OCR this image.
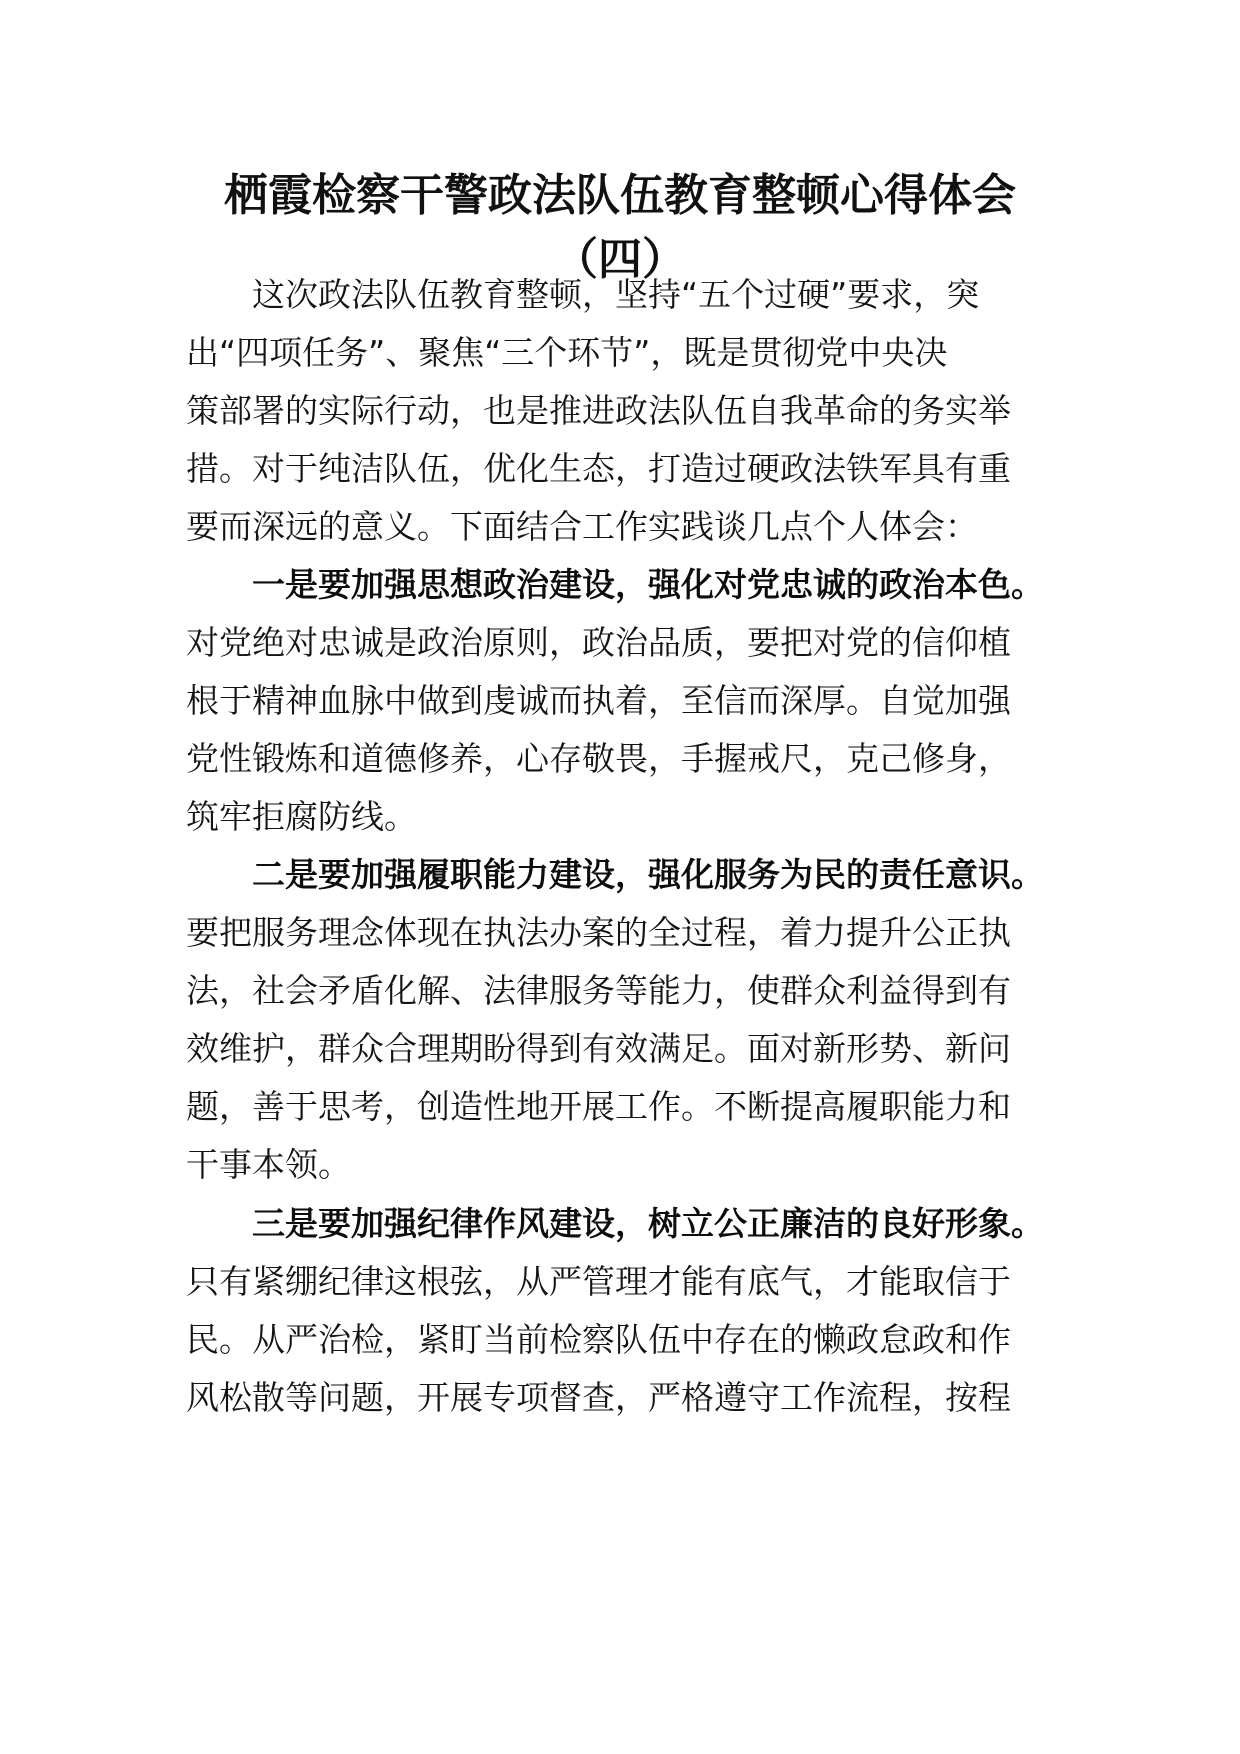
栖霞检察干警政法队伍教育整顿心得体会
（四）
这次政法队伍教育整顿，坚持“五个过硬”要求，突
出“四项任务”、聚焦“三个环节”，既是贯彻党中央决
策部署的实际行动，也是推进政法队伍自我革命的务实举
措。对于纯洁队伍，优化生态，打造过硬政法铁军具有重
要而深远的意义。下面结合工作实践谈几点个人体会：
一是要加强思想政治建设，强化对党忠诚的政治本色。
对党绝对忠诚是政治原则，政治品质，要把对党的信仰植
根于精神血脉中做到虔诚而执着，至信而深厚。自觉加强
党性锻炼和道德修养，心存敬畏，手握戒尺，克己修身，
筑牢拒腐防线。
二是要加强履职能力建设，强化服务为民的责任意识。
要把服务理念体现在执法办案的全过程，着力提升公正执
法，社会矛盾化解、法律服务等能力，使群众利益得到有
效维护，群众合理期盼得到有效满足。面对新形势、新问
题，善于思考，创造性地开展工作。不断提高履职能力和
干事本领。
三是要加强纪律作风建设，树立公正廉洁的良好形象。
只有紧绷纪律这根弦，从严管理才能有底气，才能取信于
民。从严治检，紧盯当前检察队伍中存在的懒政怠政和作
风松散等问题，开展专项督查，严格遵守工作流程，按程
